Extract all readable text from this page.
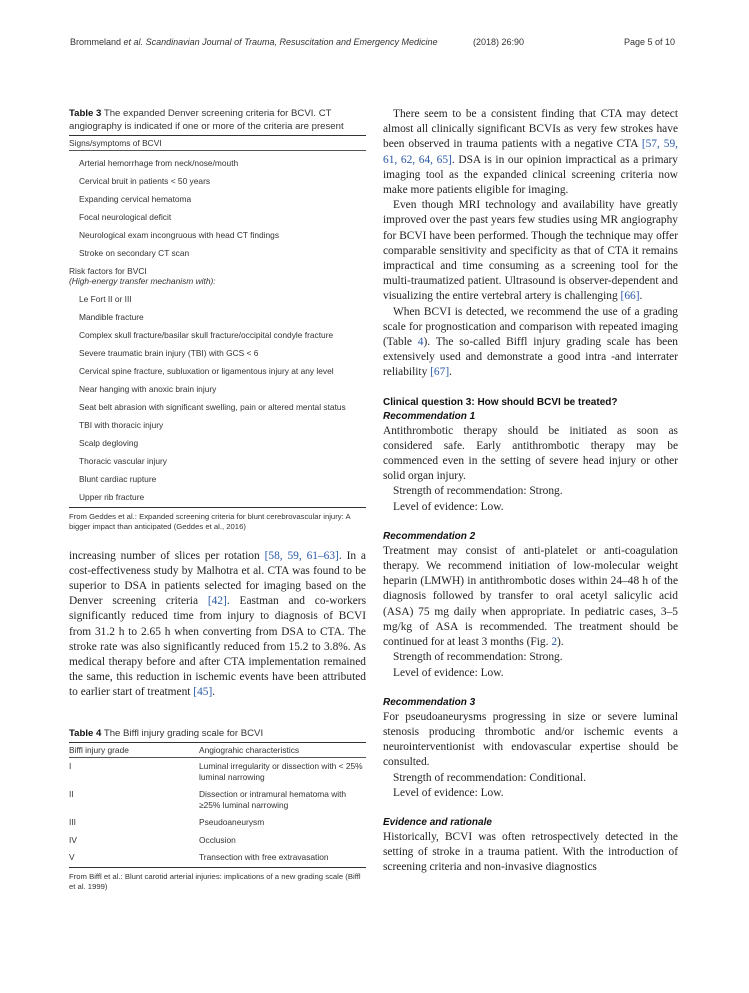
Brommeland et al. Scandinavian Journal of Trauma, Resuscitation and Emergency Medicine	(2018) 26:90	Page 5 of 10
Table 3 The expanded Denver screening criteria for BCVI. CT angiography is indicated if one or more of the criteria are present
Signs/symptoms of BCVI
Arterial hemorrhage from neck/nose/mouth
Cervical bruit in patients < 50 years
Expanding cervical hematoma
Focal neurological deficit
Neurological exam incongruous with head CT findings
Stroke on secondary CT scan
Risk factors for BVCI
(High-energy transfer mechanism with):
Le Fort II or III
Mandible fracture
Complex skull fracture/basilar skull fracture/occipital condyle fracture
Severe traumatic brain injury (TBI) with GCS < 6
Cervical spine fracture, subluxation or ligamentous injury at any level
Near hanging with anoxic brain injury
Seat belt abrasion with significant swelling, pain or altered mental status
TBI with thoracic injury
Scalp degloving
Thoracic vascular injury
Blunt cardiac rupture
Upper rib fracture
From Geddes et al.: Expanded screening criteria for blunt cerebrovascular injury: A bigger impact than anticipated (Geddes et al., 2016)

increasing number of slices per rotation [58, 59, 61–63]. In a cost-effectiveness study by Malhotra et al. CTA was found to be superior to DSA in patients selected for imaging based on the Denver screening criteria [42]. Eastman and co-workers significantly reduced time from injury to diagnosis of BCVI from 31.2 h to 2.65 h when converting from DSA to CTA. The stroke rate was also significantly reduced from 15.2 to 3.8%. As medical therapy before and after CTA implementation remained the same, this reduction in ischemic events have been attributed to earlier start of treatment [45].

Table 4 The Biffl injury grading scale for BCVI
Biffl injury grade	Angiograhic characteristics
I	Luminal irregularity or dissection with < 25% luminal narrowing
II	Dissection or intramural hematoma with ≥25% luminal narrowing
III	Pseudoaneurysm
IV	Occlusion
V	Transection with free extravasation
From Biffl et al.: Blunt carotid arterial injuries: implications of a new grading scale (Biffl et al. 1999)

There seem to be a consistent finding that CTA may detect almost all clinically significant BCVIs as very few strokes have been observed in trauma patients with a negative CTA [57, 59, 61, 62, 64, 65]. DSA is in our opinion impractical as a primary imaging tool as the expanded clinical screening criteria now make more patients eligible for imaging.

Even though MRI technology and availability have greatly improved over the past years few studies using MR angiography for BCVI have been performed. Though the technique may offer comparable sensitivity and specificity as that of CTA it remains impractical and time consuming as a screening tool for the multi-traumatized patient. Ultrasound is observer-dependent and visualizing the entire vertebral artery is challenging [66].

When BCVI is detected, we recommend the use of a grading scale for prognostication and comparison with repeated imaging (Table 4). The so-called Biffl injury grading scale has been extensively used and demonstrate a good intra -and interrater reliability [67].

Clinical question 3: How should BCVI be treated?
Recommendation 1

Antithrombotic therapy should be initiated as soon as considered safe. Early antithrombotic therapy may be commenced even in the setting of severe head injury or other solid organ injury.

Strength of recommendation: Strong.

Level of evidence: Low.

Recommendation 2

Treatment may consist of anti-platelet or anti-coagulation therapy. We recommend initiation of low-molecular weight heparin (LMWH) in antithrombotic doses within 24–48 h of the diagnosis followed by transfer to oral acetyl salicylic acid (ASA) 75 mg daily when appropriate. In pediatric cases, 3–5 mg/kg of ASA is recommended. The treatment should be continued for at least 3 months (Fig. 2).

Strength of recommendation: Strong.

Level of evidence: Low.

Recommendation 3

For pseudoaneurysms progressing in size or severe luminal stenosis producing thrombotic and/or ischemic events a neurointerventionist with endovascular expertise should be consulted.

Strength of recommendation: Conditional.

Level of evidence: Low.

Evidence and rationale

Historically, BCVI was often retrospectively detected in the setting of stroke in a trauma patient. With the introduction of screening criteria and non-invasive diagnostics
